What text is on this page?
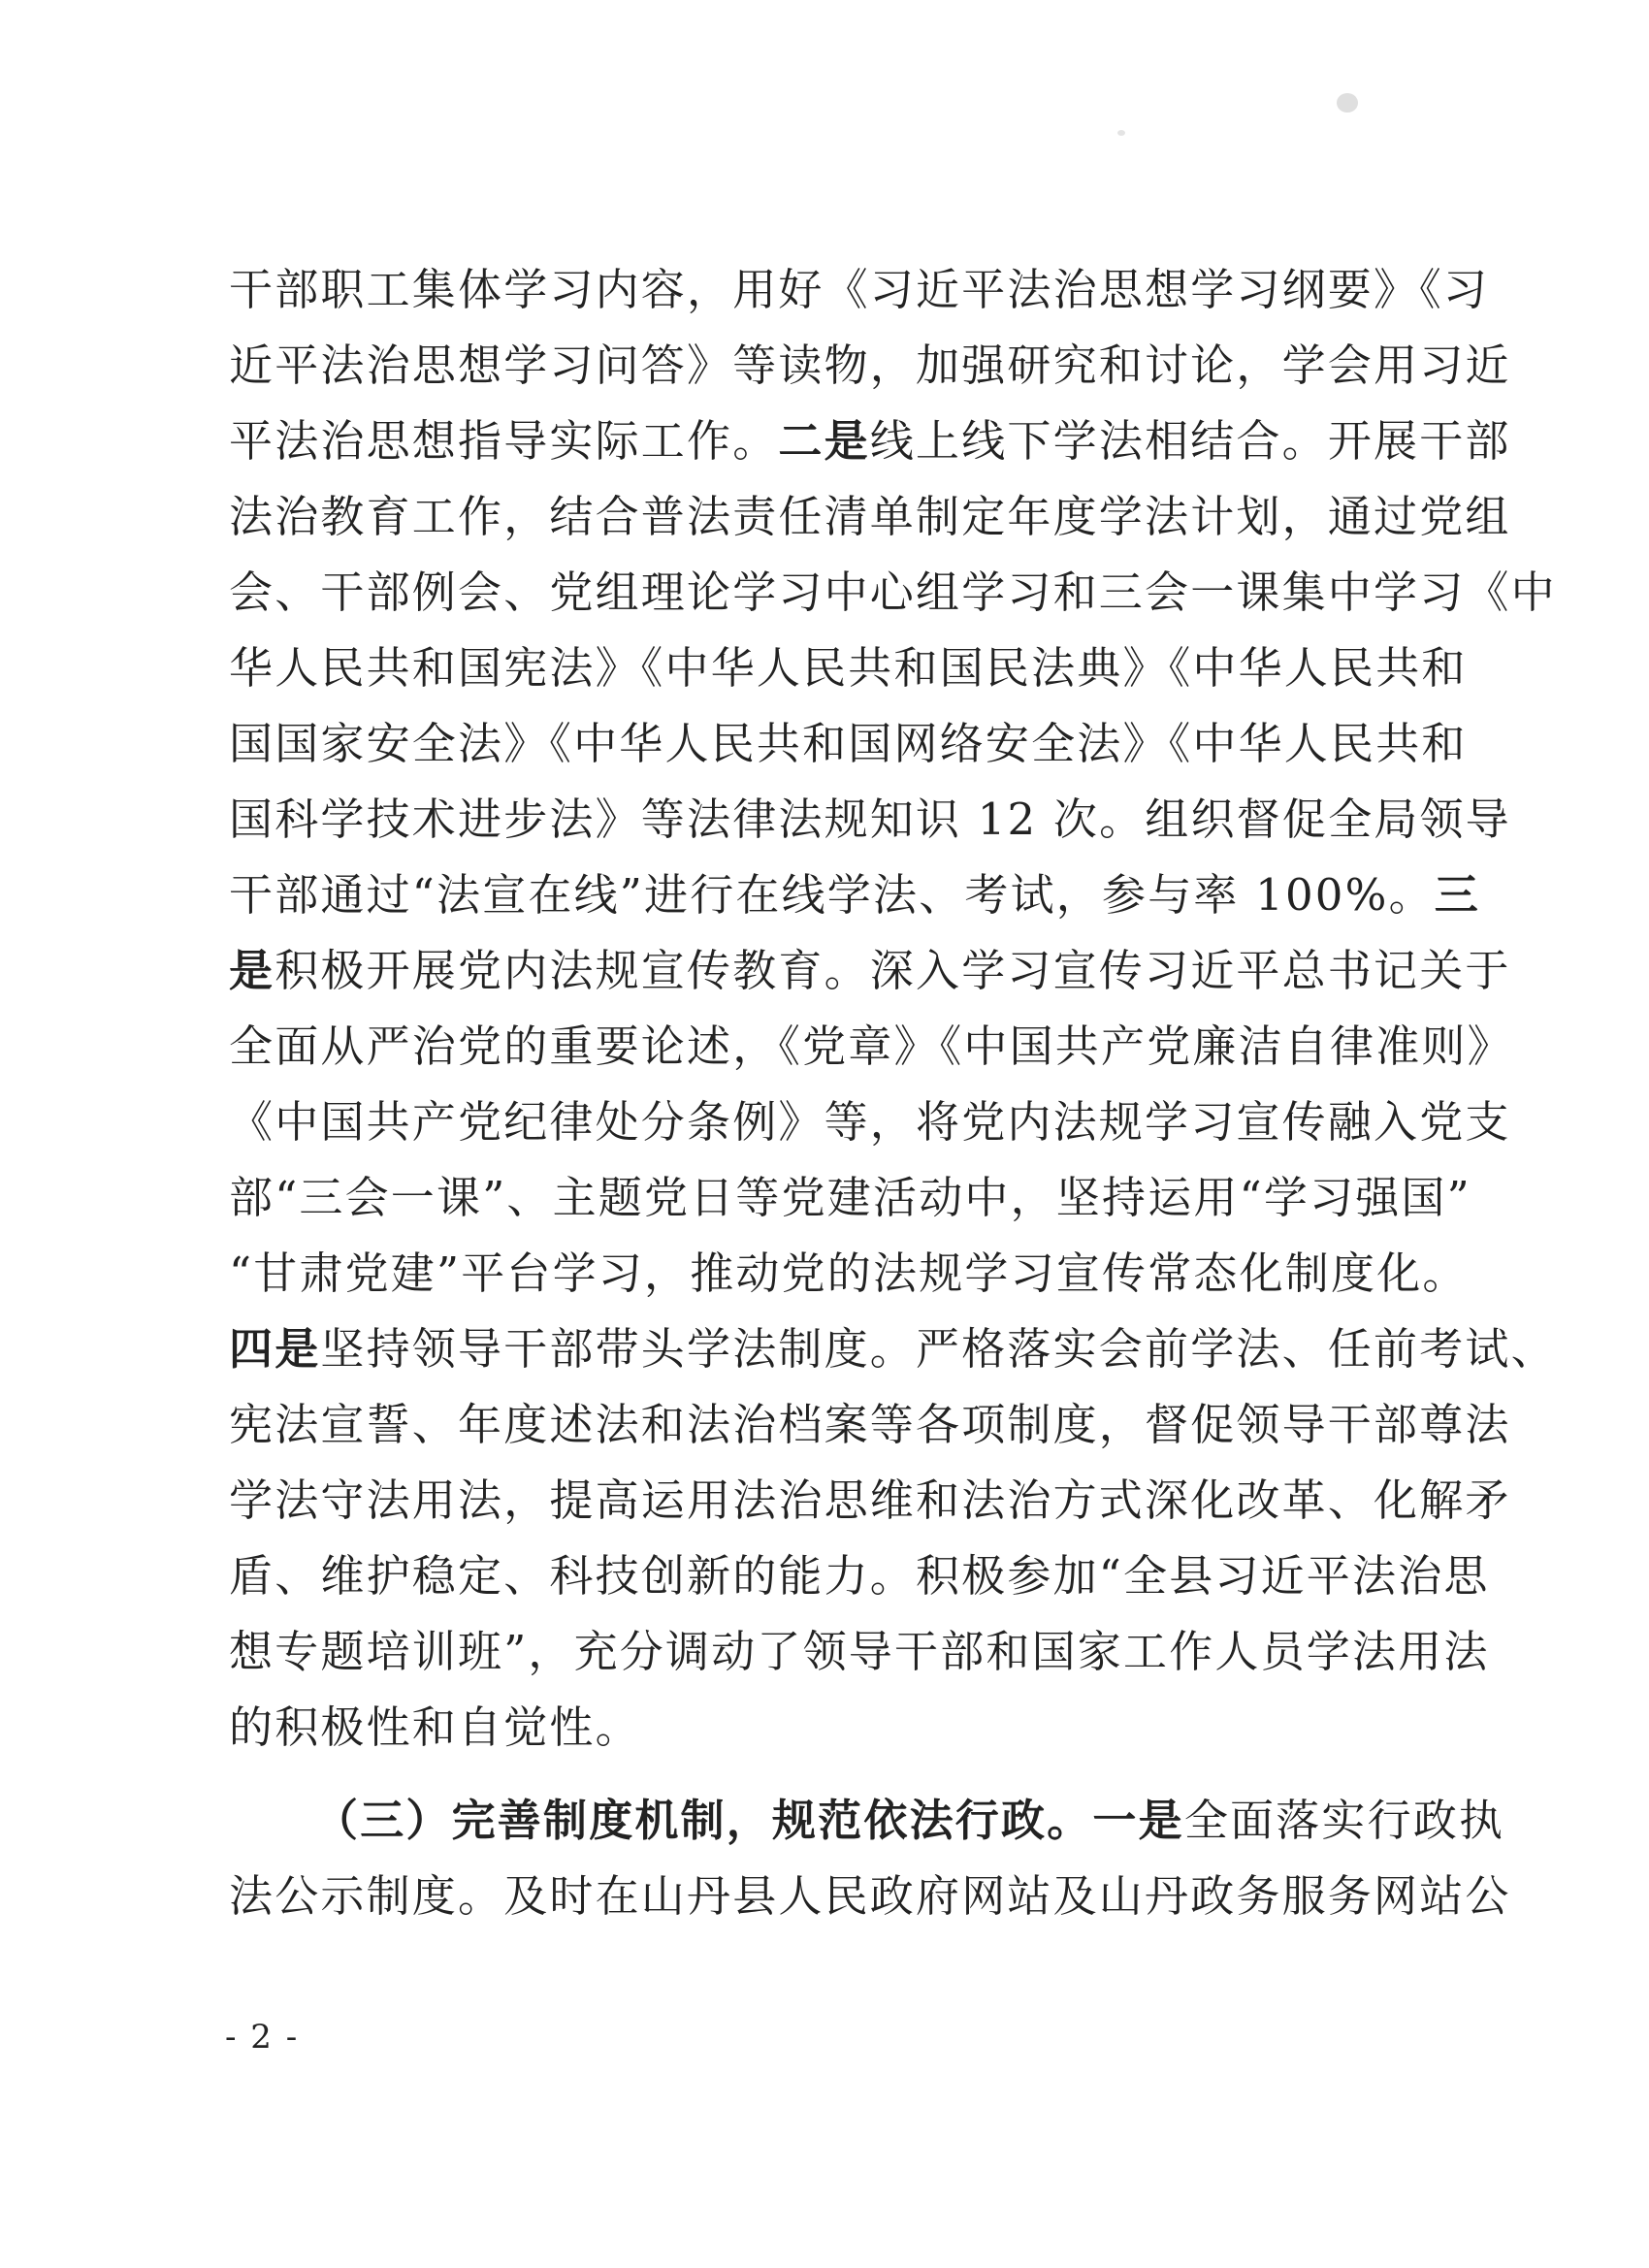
干部职工集体学习内容，用好《习近平法治思想学习纲要》《习
近平法治思想学习问答》等读物，加强研究和讨论，学会用习近
平法治思想指导实际工作。二是线上线下学法相结合。开展干部
法治教育工作，结合普法责任清单制定年度学法计划，通过党组
会、干部例会、党组理论学习中心组学习和三会一课集中学习《中
华人民共和国宪法》《中华人民共和国民法典》《中华人民共和
国国家安全法》《中华人民共和国网络安全法》《中华人民共和
国科学技术进步法》等法律法规知识 12 次。组织督促全局领导
干部通过“法宣在线”进行在线学法、考试，参与率 100%。三
是积极开展党内法规宣传教育。深入学习宣传习近平总书记关于
全面从严治党的重要论述，《党章》《中国共产党廉洁自律准则》
《中国共产党纪律处分条例》等，将党内法规学习宣传融入党支
部“三会一课”、主题党日等党建活动中，坚持运用“学习强国”
“甘肃党建”平台学习，推动党的法规学习宣传常态化制度化。
四是坚持领导干部带头学法制度。严格落实会前学法、任前考试、
宪法宣誓、年度述法和法治档案等各项制度，督促领导干部尊法
学法守法用法，提高运用法治思维和法治方式深化改革、化解矛
盾、维护稳定、科技创新的能力。积极参加“全县习近平法治思
想专题培训班”，充分调动了领导干部和国家工作人员学法用法
的积极性和自觉性。
（三）完善制度机制，规范依法行政。一是全面落实行政执
法公示制度。及时在山丹县人民政府网站及山丹政务服务网站公
- 2 -
